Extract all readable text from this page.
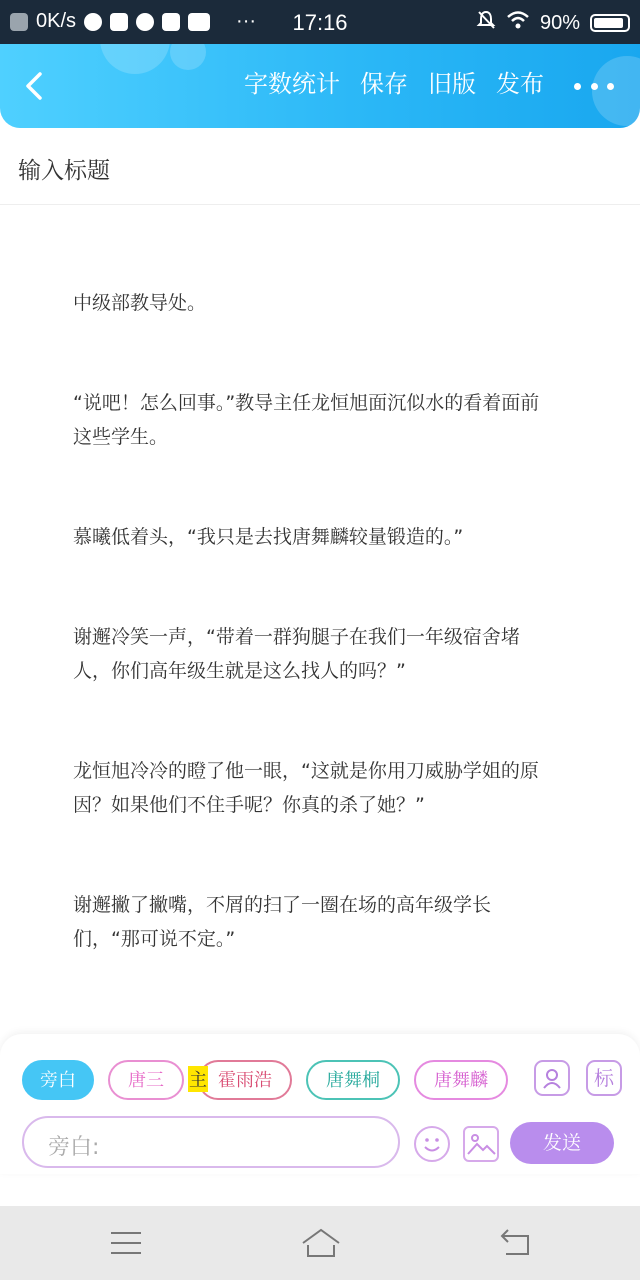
0K/s	···	17:16	90%
字数统计 保存 旧版 发布
输入标题

中级部教导处。

“说吧！怎么回事。”教导主任龙恒旭面沉似水的看着面前这些学生。

慕曦低着头，“我只是去找唐舞麟较量锻造的。”

谢邂冷笑一声，“带着一群狗腿子在我们一年级宿舍堵人，你们高年级生就是这么找人的吗？”

龙恒旭冷冷的瞪了他一眼，“这就是你用刀威胁学姐的原因？如果他们不住手呢？你真的杀了她？”

谢邂撇了撇嘴，不屑的扫了一圈在场的高年级学长们，“那可说不定。”

旁白	唐三	霍雨浩	唐舞桐	唐舞麟	标
旁白:	发送
主
